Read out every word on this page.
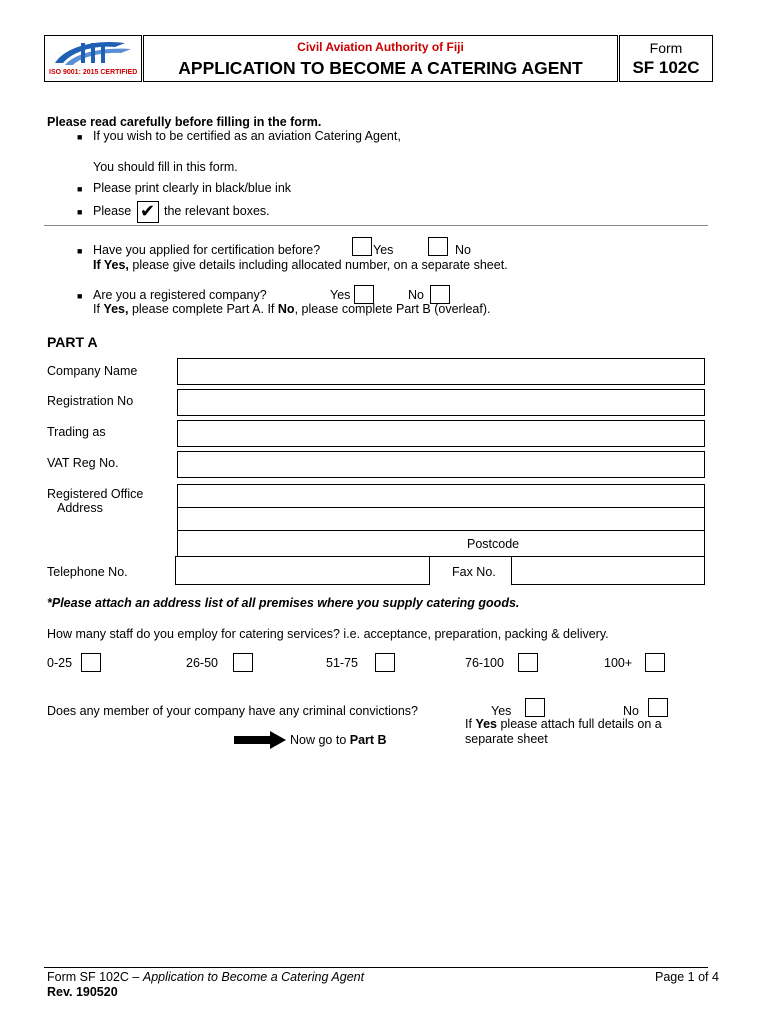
ISO 9001: 2015 CERTIFIED
Civil Aviation Authority of Fiji
APPLICATION TO BECOME A CATERING AGENT
Form
SF 102C
Please read carefully before filling in the form.
■ If you wish to be certified as an aviation Catering Agent,
You should fill in this form.
■ Please print clearly in black/blue ink
■ Please ✔ the relevant boxes.
■ Have you applied for certification before?	Yes	No
If Yes, please give details including allocated number, on a separate sheet.
■ Are you a registered company?	Yes	No
If Yes, please complete Part A. If No, please complete Part B (overleaf).
PART A
Company Name
Registration No
Trading as
VAT Reg No.
Registered Office
Address
Postcode
Telephone No.	Fax No.
*Please attach an address list of all premises where you supply catering goods.
How many staff do you employ for catering services? i.e. acceptance, preparation, packing & delivery.
0-25	26-50	51-75	76-100	100+
Does any member of your company have any criminal convictions?	Yes	No
If Yes please attach full details on a
separate sheet
Now go to Part B
Form SF 102C – Application to Become a Catering Agent
Rev. 190520
Page 1 of 4
